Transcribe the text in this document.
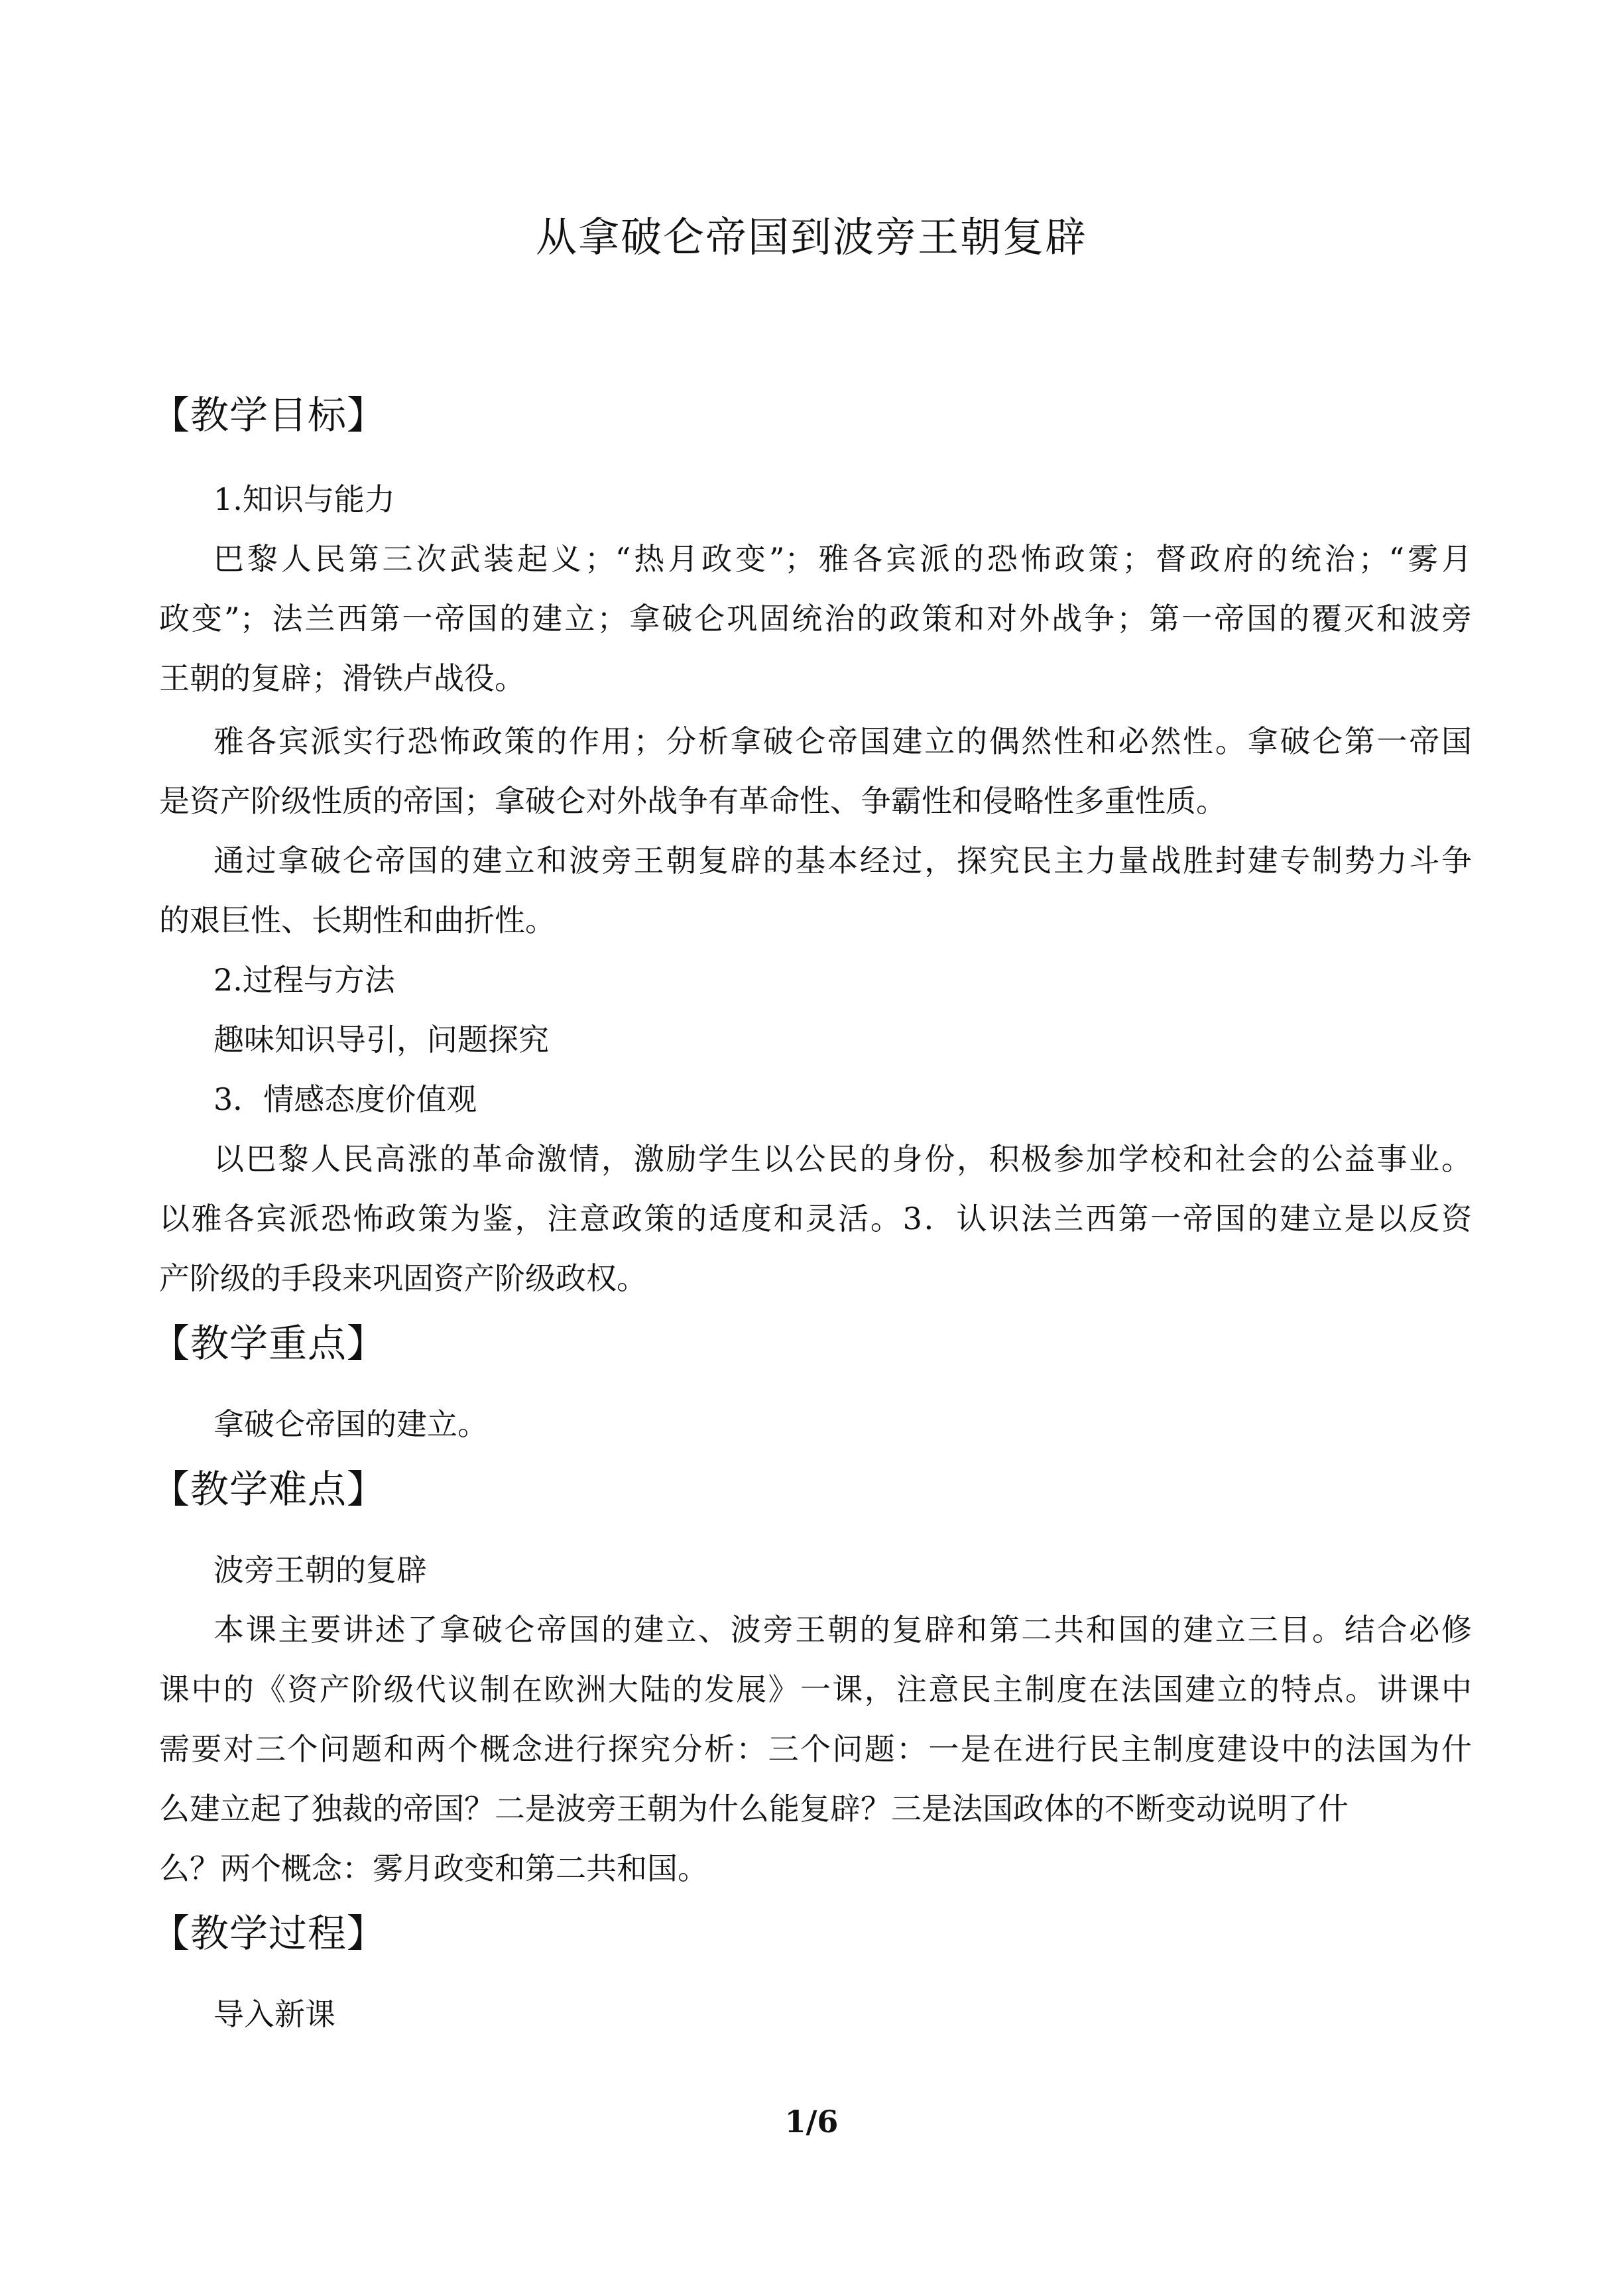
从拿破仑帝国到波旁王朝复辟
【教学目标】
1.知识与能力
巴黎人民第三次武装起义；“热月政变”；雅各宾派的恐怖政策；督政府的统治；“雾月
政变”；法兰西第一帝国的建立；拿破仑巩固统治的政策和对外战争；第一帝国的覆灭和波旁
王朝的复辟；滑铁卢战役。
雅各宾派实行恐怖政策的作用；分析拿破仑帝国建立的偶然性和必然性。拿破仑第一帝国
是资产阶级性质的帝国；拿破仑对外战争有革命性、争霸性和侵略性多重性质。
通过拿破仑帝国的建立和波旁王朝复辟的基本经过，探究民主力量战胜封建专制势力斗争
的艰巨性、长期性和曲折性。
2.过程与方法
趣味知识导引，问题探究
3．情感态度价值观
以巴黎人民高涨的革命激情，激励学生以公民的身份，积极参加学校和社会的公益事业。
以雅各宾派恐怖政策为鉴，注意政策的适度和灵活。3．认识法兰西第一帝国的建立是以反资
产阶级的手段来巩固资产阶级政权。
【教学重点】
拿破仑帝国的建立。
【教学难点】
波旁王朝的复辟
本课主要讲述了拿破仑帝国的建立、波旁王朝的复辟和第二共和国的建立三目。结合必修
课中的《资产阶级代议制在欧洲大陆的发展》一课，注意民主制度在法国建立的特点。讲课中
需要对三个问题和两个概念进行探究分析：三个问题：一是在进行民主制度建设中的法国为什
么建立起了独裁的帝国？二是波旁王朝为什么能复辟？三是法国政体的不断变动说明了什
么？两个概念：雾月政变和第二共和国。
【教学过程】
导入新课
1/6
